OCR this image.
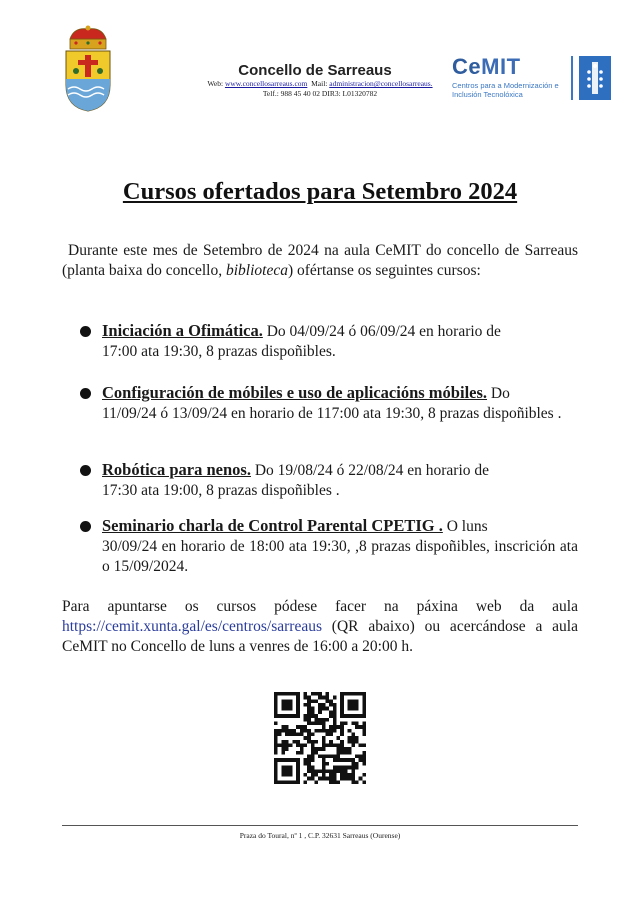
Concello de Sarreaus
Web: www.concellosarreaus.com Mail: administracion@concellosarreaus.
Telf.: 988 45 40 02 DIR3: L01320782
CeMIT
Centros para a Modernización e Inclusión Tecnolóxica
Cursos ofertados para Setembro 2024
Durante este mes de Setembro de 2024 na aula CeMIT do concello de Sarreaus (planta baixa do concello, biblioteca) ofértanse os seguintes cursos:
Iniciación a Ofimática. Do 04/09/24 ó 06/09/24 en horario de
17:00 ata 19:30, 8 prazas dispoñibles.
Configuración de móbiles e uso de aplicacións móbiles. Do
11/09/24 ó 13/09/24 en horario de 117:00 ata 19:30, 8 prazas dispoñibles .
Robótica para nenos. Do 19/08/24 ó 22/08/24 en horario de
17:30 ata 19:00, 8 prazas dispoñibles .
Seminario charla de Control Parental CPETIG . O luns
30/09/24 en horario de 18:00 ata 19:30, ,8 prazas dispoñibles, inscrición ata o 15/09/2024.
Para apuntarse os cursos pódese facer na páxina web da aula https://cemit.xunta.gal/es/centros/sarreaus (QR abaixo) ou acercándose a aula CeMIT no Concello de luns a venres de 16:00 a 20:00 h.
Praza do Toural, nº 1 , C.P. 32631 Sarreaus (Ourense)
